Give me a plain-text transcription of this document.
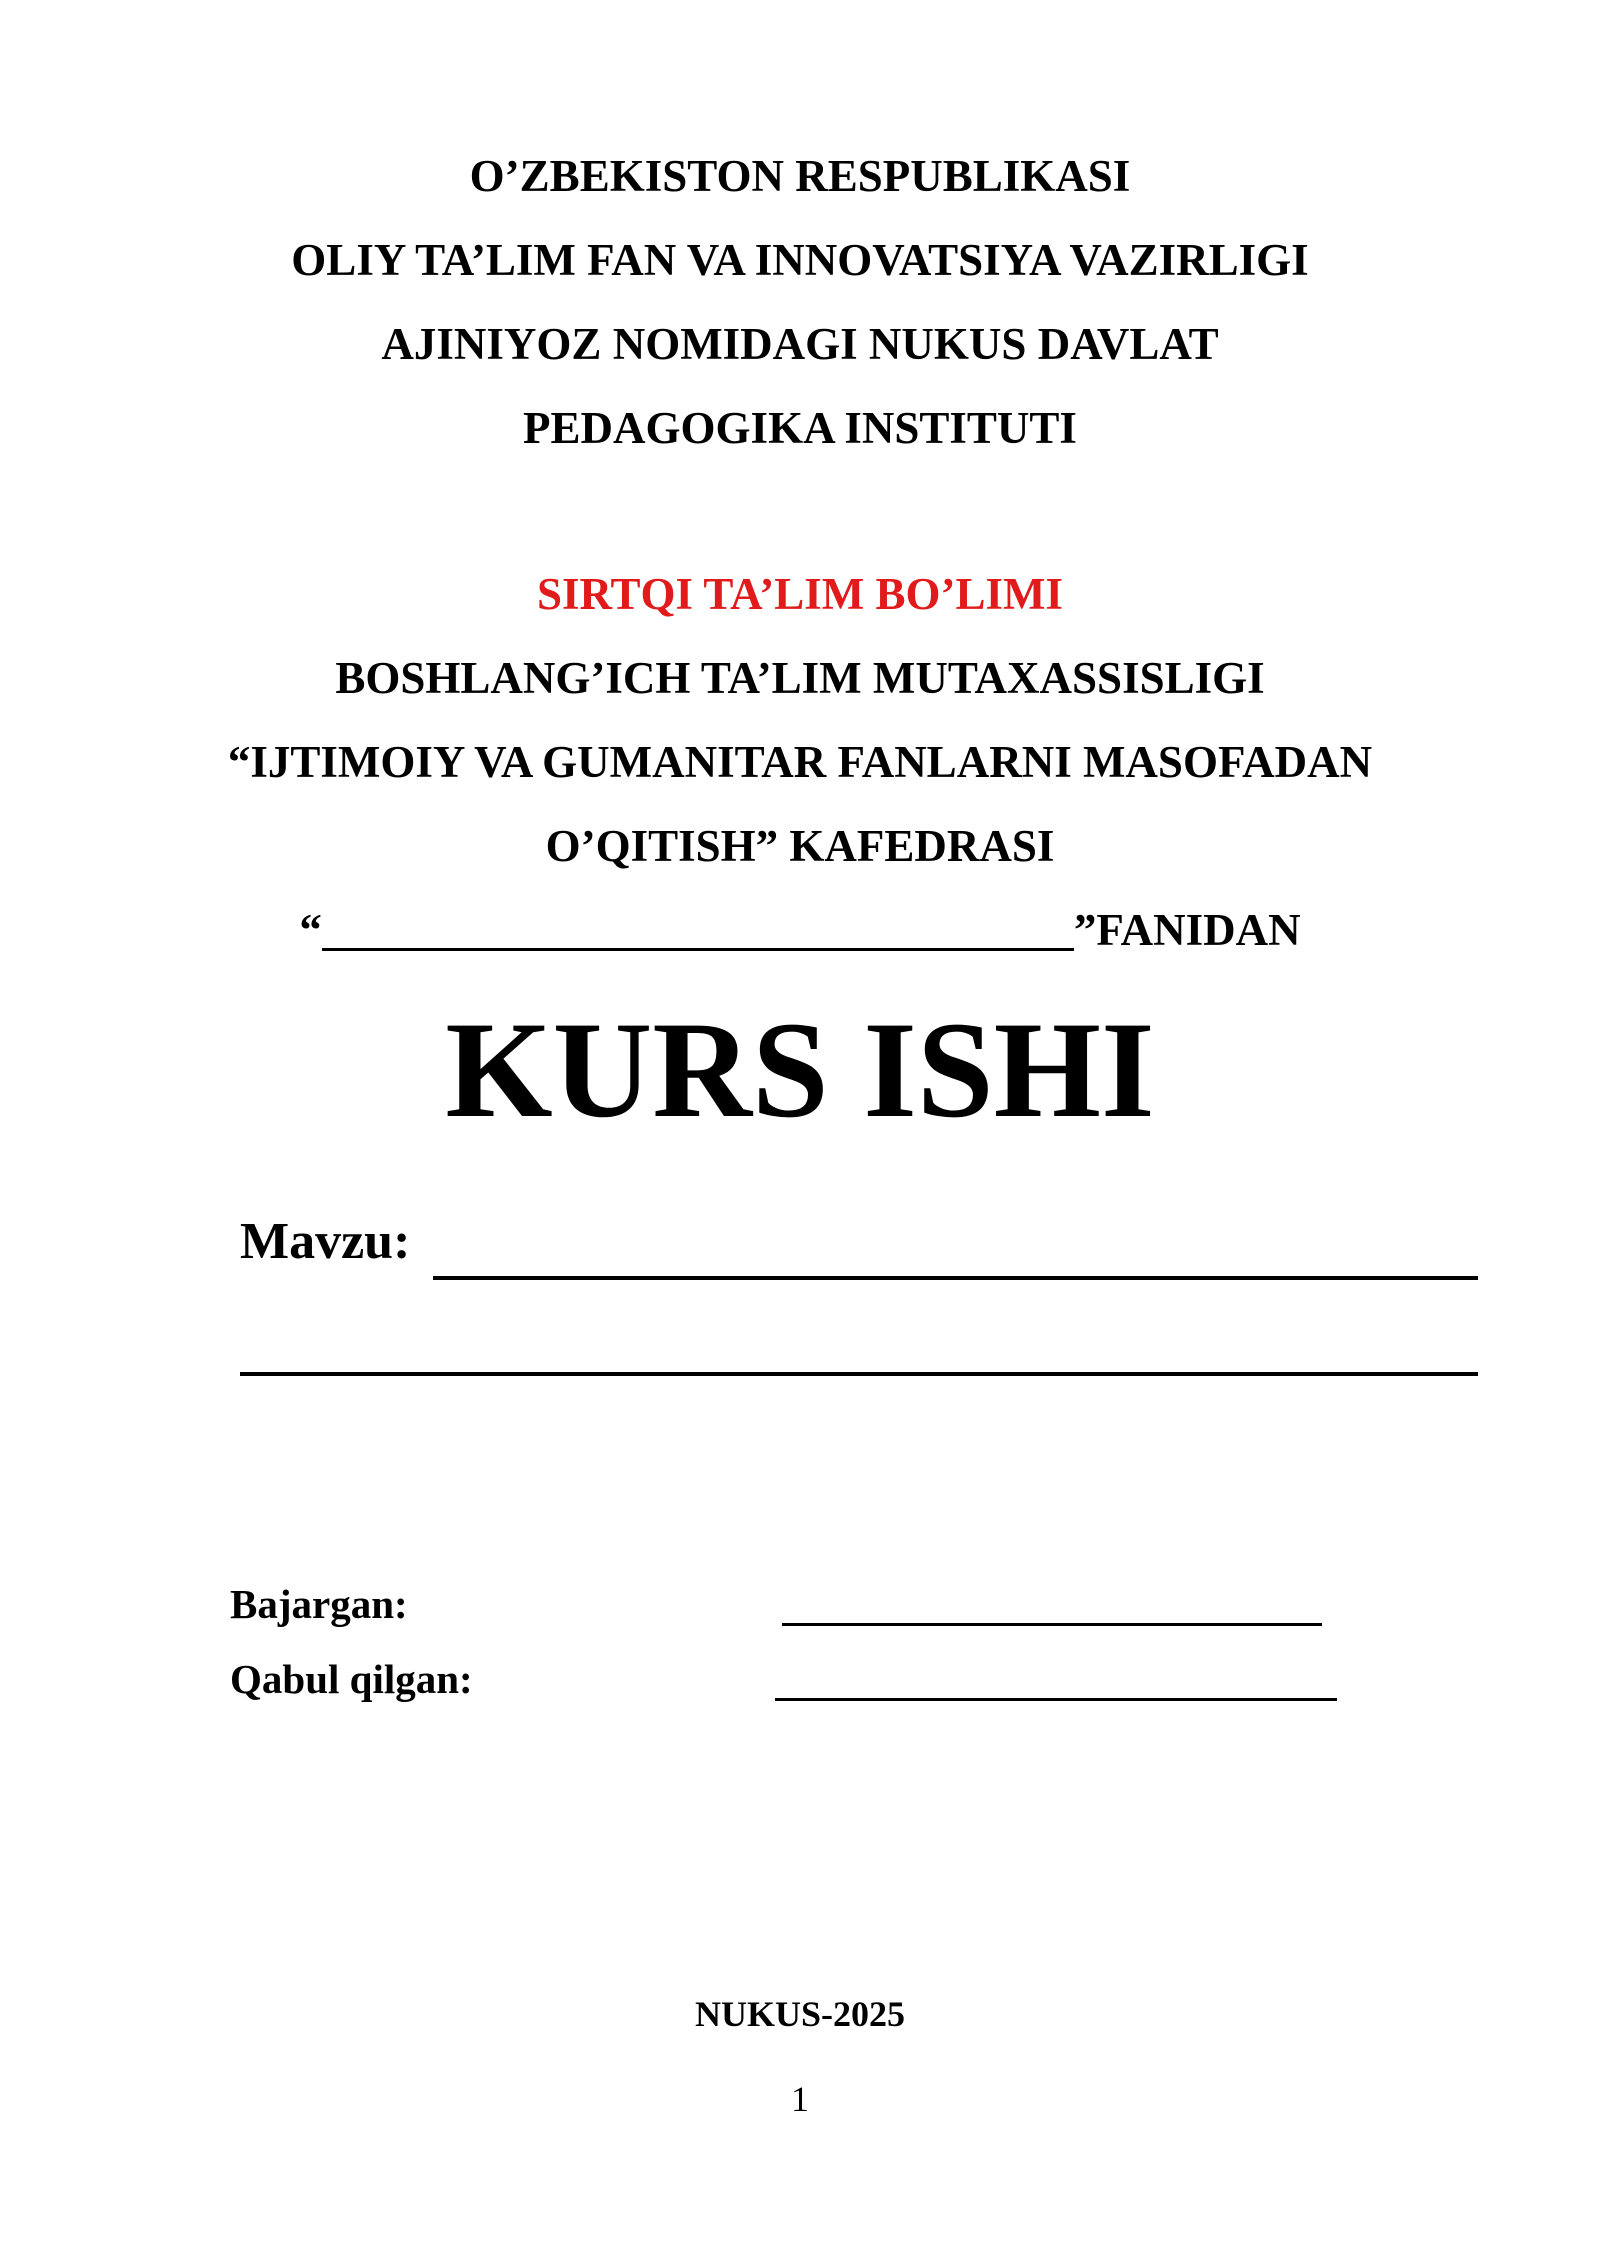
O’ZBEKISTON RESPUBLIKASI
OLIY TA’LIM FAN VA INNOVATSIYA VAZIRLIGI
AJINIYOZ NOMIDAGI NUKUS DAVLAT
PEDAGOGIKA INSTITUTI
SIRTQI TA’LIM BO’LIMI
BOSHLANG’ICH TA’LIM MUTAXASSISLIGI
“IJTIMOIY VA GUMANITAR FANLARNI MASOFADAN
O’QITISH” KAFEDRASI
“	”FANIDAN
KURS ISHI
Mavzu:
Bajargan:
Qabul qilgan:
NUKUS-2025
1
